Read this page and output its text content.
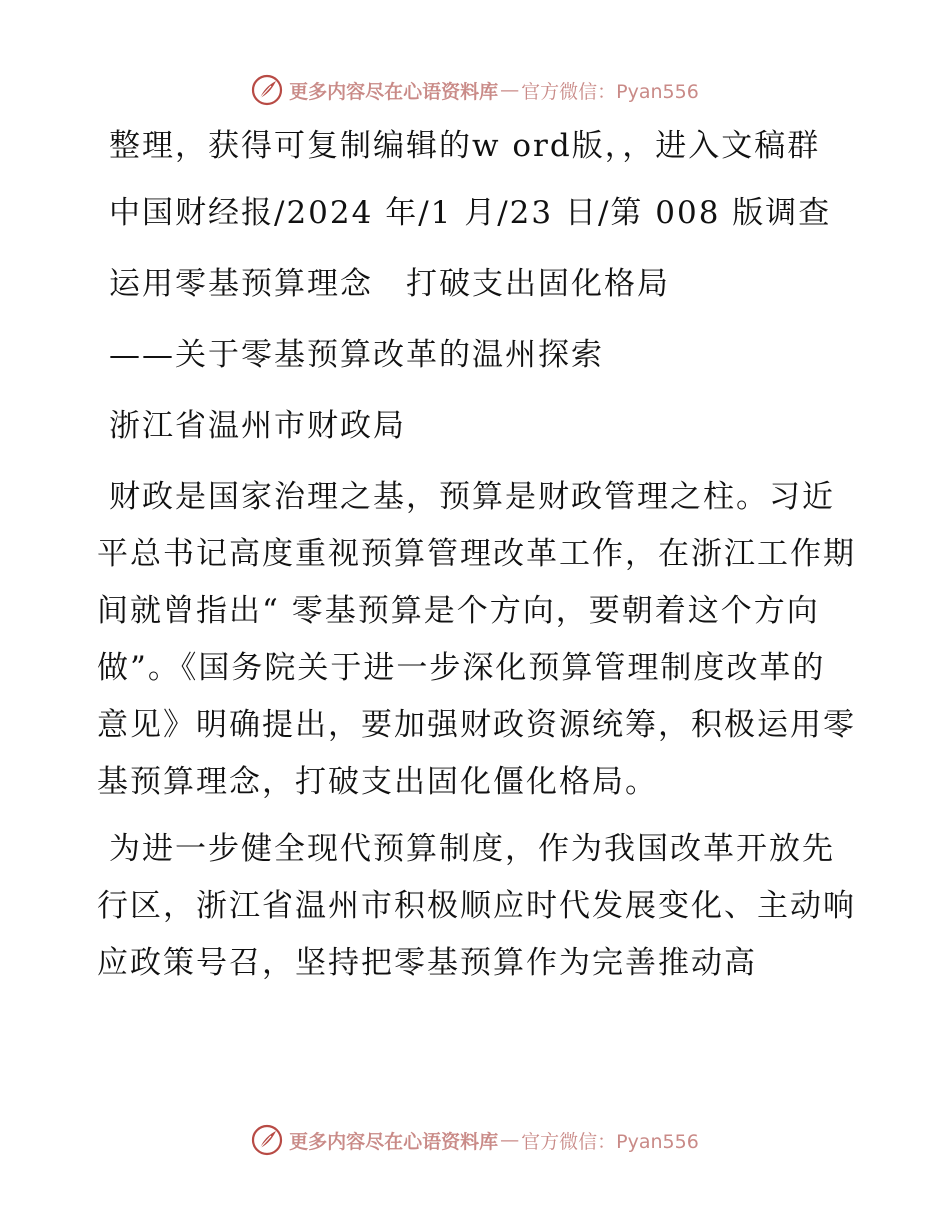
更多内容尽在心语资料库 — 官方微信：Pyan556
整理，获得可复制编辑的w ord版，，进入文稿群
中国财经报/2024 年/1 月/23 日/第 008 版调查
运用零基预算理念　打破支出固化格局
——关于零基预算改革的温州探索
浙江省温州市财政局
财政是国家治理之基，预算是财政管理之柱。习近平总书记高度重视预算管理改革工作，在浙江工作期间就曾指出“ 零基预算是个方向，要朝着这个方向做”。《国务院关于进一步深化预算管理制度改革的意见》明确提出，要加强财政资源统筹，积极运用零基预算理念，打破支出固化僵化格局。
为进一步健全现代预算制度，作为我国改革开放先行区，浙江省温州市积极顺应时代发展变化、主动响应政策号召，坚持把零基预算作为完善推动高
更多内容尽在心语资料库 — 官方微信：Pyan556
